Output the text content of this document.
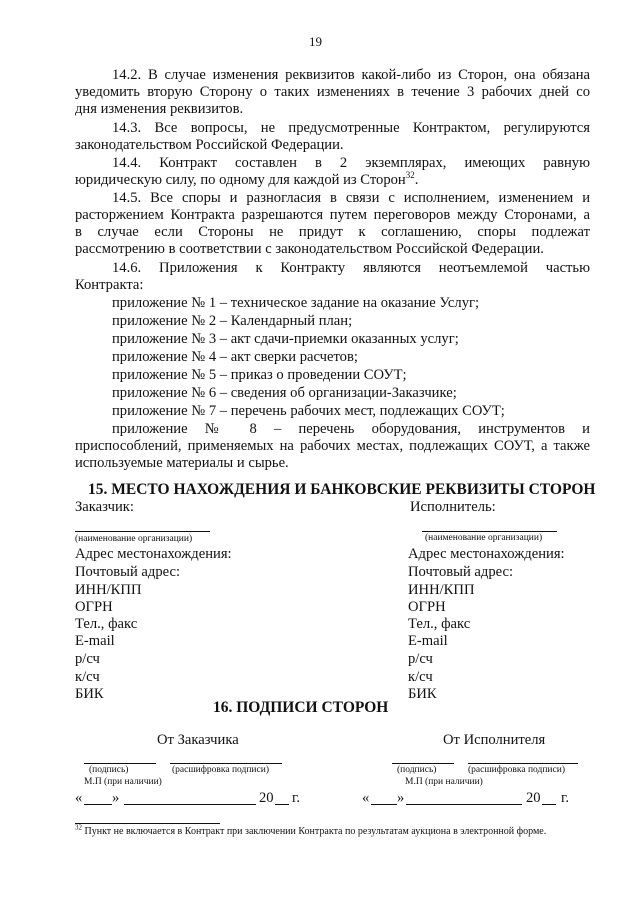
19
14.2. В случае изменения реквизитов какой-либо из Сторон, она обязана
уведомить вторую Сторону о таких изменениях в течение 3 рабочих дней со
дня изменения реквизитов.
14.3. Все вопросы, не предусмотренные Контрактом, регулируются
законодательством Российской Федерации.
14.4. Контракт составлен в 2 экземплярах, имеющих равную
юридическую силу, по одному для каждой из Сторон$^{32}$.
14.5. Все споры и разногласия в связи с исполнением, изменением и
расторжением Контракта разрешаются путем переговоров между Сторонами, а
в случае если Стороны не придут к соглашению, споры подлежат
рассмотрению в соответствии с законодательством Российской Федерации.
14.6. Приложения к Контракту являются неотъемлемой частью
Контракта:
приложение № 1 – техническое задание на оказание Услуг;
приложение № 2 – Календарный план;
приложение № 3 – акт сдачи-приемки оказанных услуг;
приложение № 4 – акт сверки расчетов;
приложение № 5 – приказ о проведении СОУТ;
приложение № 6 – сведения об организации-Заказчике;
приложение № 7 – перечень рабочих мест, подлежащих СОУТ;
приложение № 8 – перечень оборудования, инструментов и
приспособлений, применяемых на рабочих местах, подлежащих СОУТ, а также
используемые материалы и сырье.
15. МЕСТО НАХОЖДЕНИЯ И БАНКОВСКИЕ РЕКВИЗИТЫ СТОРОН
Заказчик:	Исполнитель:
(наименование организации)	(наименование организации)
Адрес местонахождения:
Почтовый адрес:
ИНН/КПП
ОГРН
Тел., факс
E-mail
р/сч
к/сч
БИК
Адрес местонахождения:
Почтовый адрес:
ИНН/КПП
ОГРН
Тел., факс
E-mail
р/сч
к/сч
БИК
16. ПОДПИСИ СТОРОН
От Заказчика	От Исполнителя
(подпись)	(расшифровка подписи)
М.П (при наличии)
« »	20 г.
(подпись)	(расшифровка подписи)
М.П (при наличии)
« »	20 г.
$^{32}$ Пункт не включается в Контракт при заключении Контракта по результатам аукциона в электронной форме.
